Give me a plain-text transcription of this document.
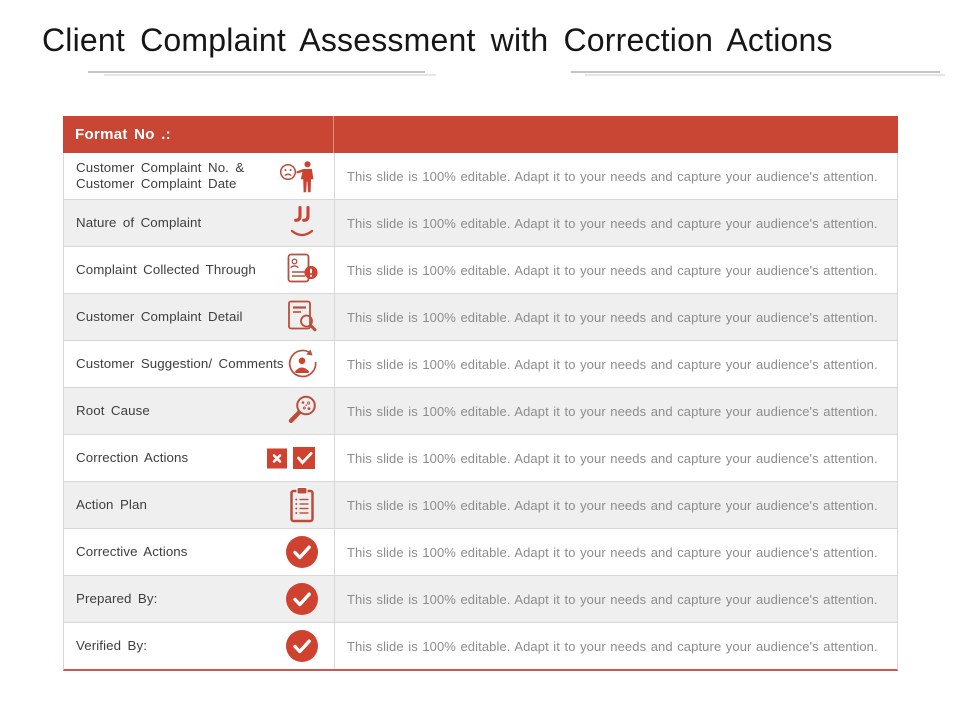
Client Complaint Assessment with Correction Actions
Format No .:
Customer Complaint No. &
Customer Complaint Date	This slide is 100% editable. Adapt it to your needs and capture your audience's attention.
Nature of Complaint	This slide is 100% editable. Adapt it to your needs and capture your audience's attention.
Complaint Collected Through	This slide is 100% editable. Adapt it to your needs and capture your audience's attention.
Customer Complaint Detail	This slide is 100% editable. Adapt it to your needs and capture your audience's attention.
Customer Suggestion/ Comments	This slide is 100% editable. Adapt it to your needs and capture your audience's attention.
Root Cause	This slide is 100% editable. Adapt it to your needs and capture your audience's attention.
Correction Actions	This slide is 100% editable. Adapt it to your needs and capture your audience's attention.
Action Plan	This slide is 100% editable. Adapt it to your needs and capture your audience's attention.
Corrective Actions	This slide is 100% editable. Adapt it to your needs and capture your audience's attention.
Prepared By:	This slide is 100% editable. Adapt it to your needs and capture your audience's attention.
Verified By:	This slide is 100% editable. Adapt it to your needs and capture your audience's attention.
